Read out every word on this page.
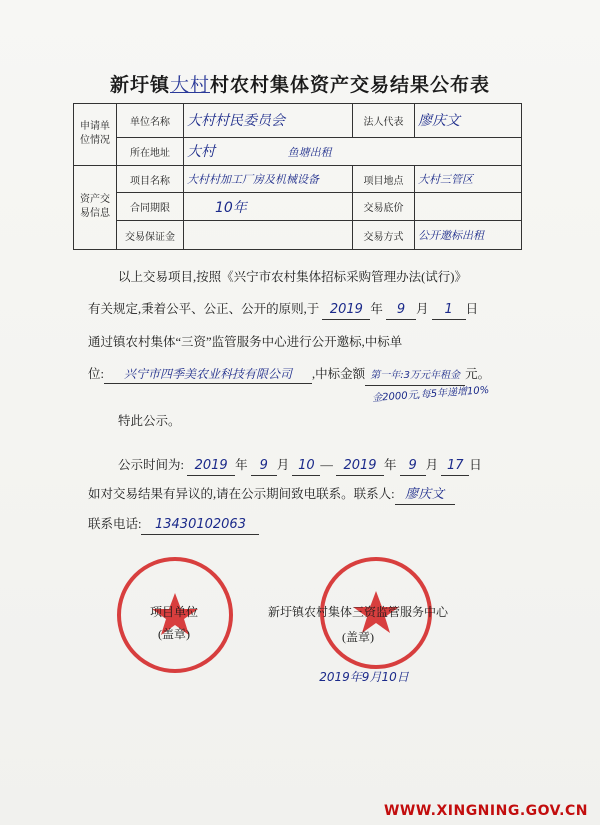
新圩镇大村村农村集体资产交易结果公布表
申请单位情况	单位名称	大村村民委员会	法人代表	廖庆文
	所在地址	大村 鱼塘出租		
资产交易信息	项目名称	大村村加工厂房及机械设备	项目地点	大村三管区
	合同期限	10年	交易底价	
	交易保证金		交易方式	公开邀标出租
以上交易项目,按照《兴宁市农村集体招标采购管理办法(试行)》
有关规定,秉着公平、公正、公开的原则,于 2019 年 9 月 1 日
通过镇农村集体“三资”监管服务中心进行公开邀标,中标单
位: 兴宁市四季美农业科技有限公司 ,中标金额 第一年:3万元年租金 元。
金2000元,每5年递增10%
特此公示。
公示时间为: 2019 年 9 月 10 — 2019 年 9 月 17 日
如对交易结果有异议的,请在公示期间致电联系。联系人: 廖庆文
联系电话: 13430102063
项目单位
(盖章)
新圩镇农村集体三资监管服务中心
(盖章)
2019年9月10日
WWW.XINGNING.GOV.CN
